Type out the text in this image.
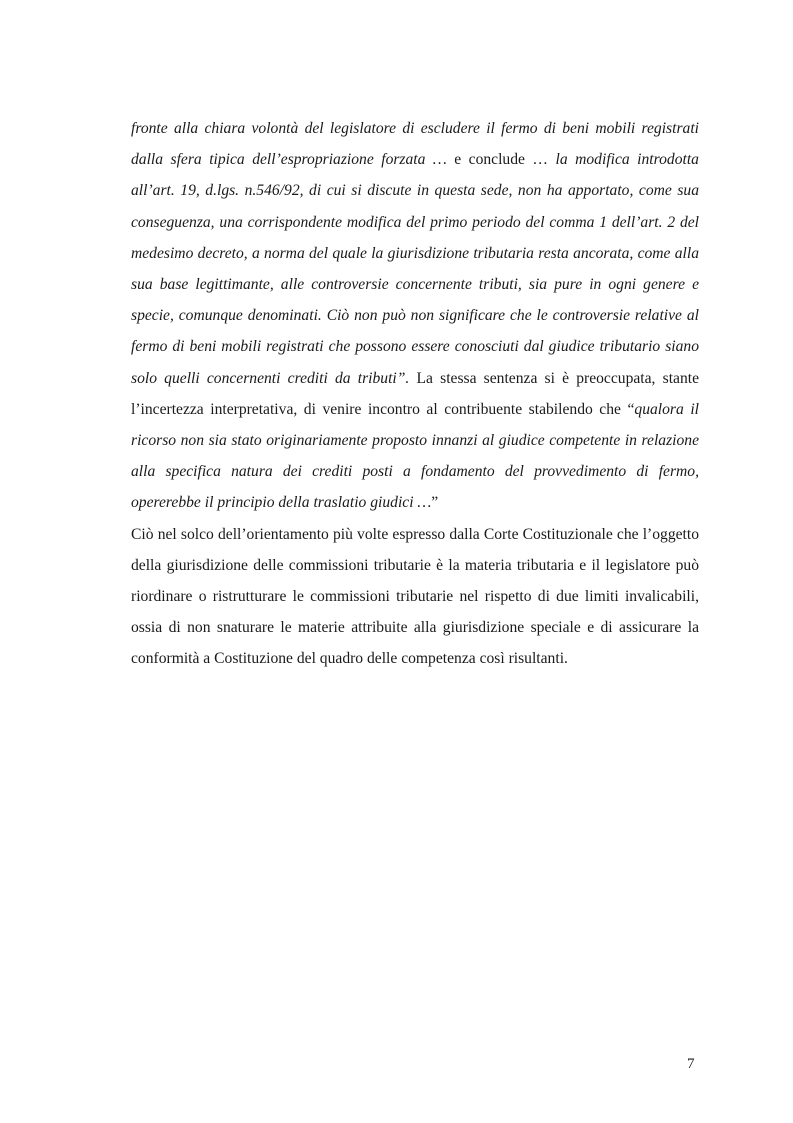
fronte alla chiara volontà del legislatore di escludere il fermo di beni mobili registrati dalla sfera tipica dell’espropriazione forzata … e conclude … la modifica introdotta all’art. 19, d.lgs. n.546/92, di cui si discute in questa sede, non ha apportato, come sua conseguenza, una corrispondente modifica del primo periodo del comma 1 dell’art. 2 del medesimo decreto, a norma del quale la giurisdizione tributaria resta ancorata, come alla sua base legittimante, alle controversie concernente tributi, sia pure in ogni genere e specie, comunque denominati. Ciò non può non significare che le controversie relative al fermo di beni mobili registrati che possono essere conosciuti dal giudice tributario siano solo quelli concernenti crediti da tributi”. La stessa sentenza si è preoccupata, stante l’incertezza interpretativa, di venire incontro al contribuente stabilendo che “qualora il ricorso non sia stato originariamente proposto innanzi al giudice competente in relazione alla specifica natura dei crediti posti a fondamento del provvedimento di fermo, opererebbe il principio della traslatio giudici …”

Ciò nel solco dell’orientamento più volte espresso dalla Corte Costituzionale che l’oggetto della giurisdizione delle commissioni tributarie è la materia tributaria e il legislatore può riordinare o ristrutturare le commissioni tributarie nel rispetto di due limiti invalicabili, ossia di non snaturare le materie attribuite alla giurisdizione speciale e di assicurare la conformità a Costituzione del quadro delle competenza così risultanti.

7
